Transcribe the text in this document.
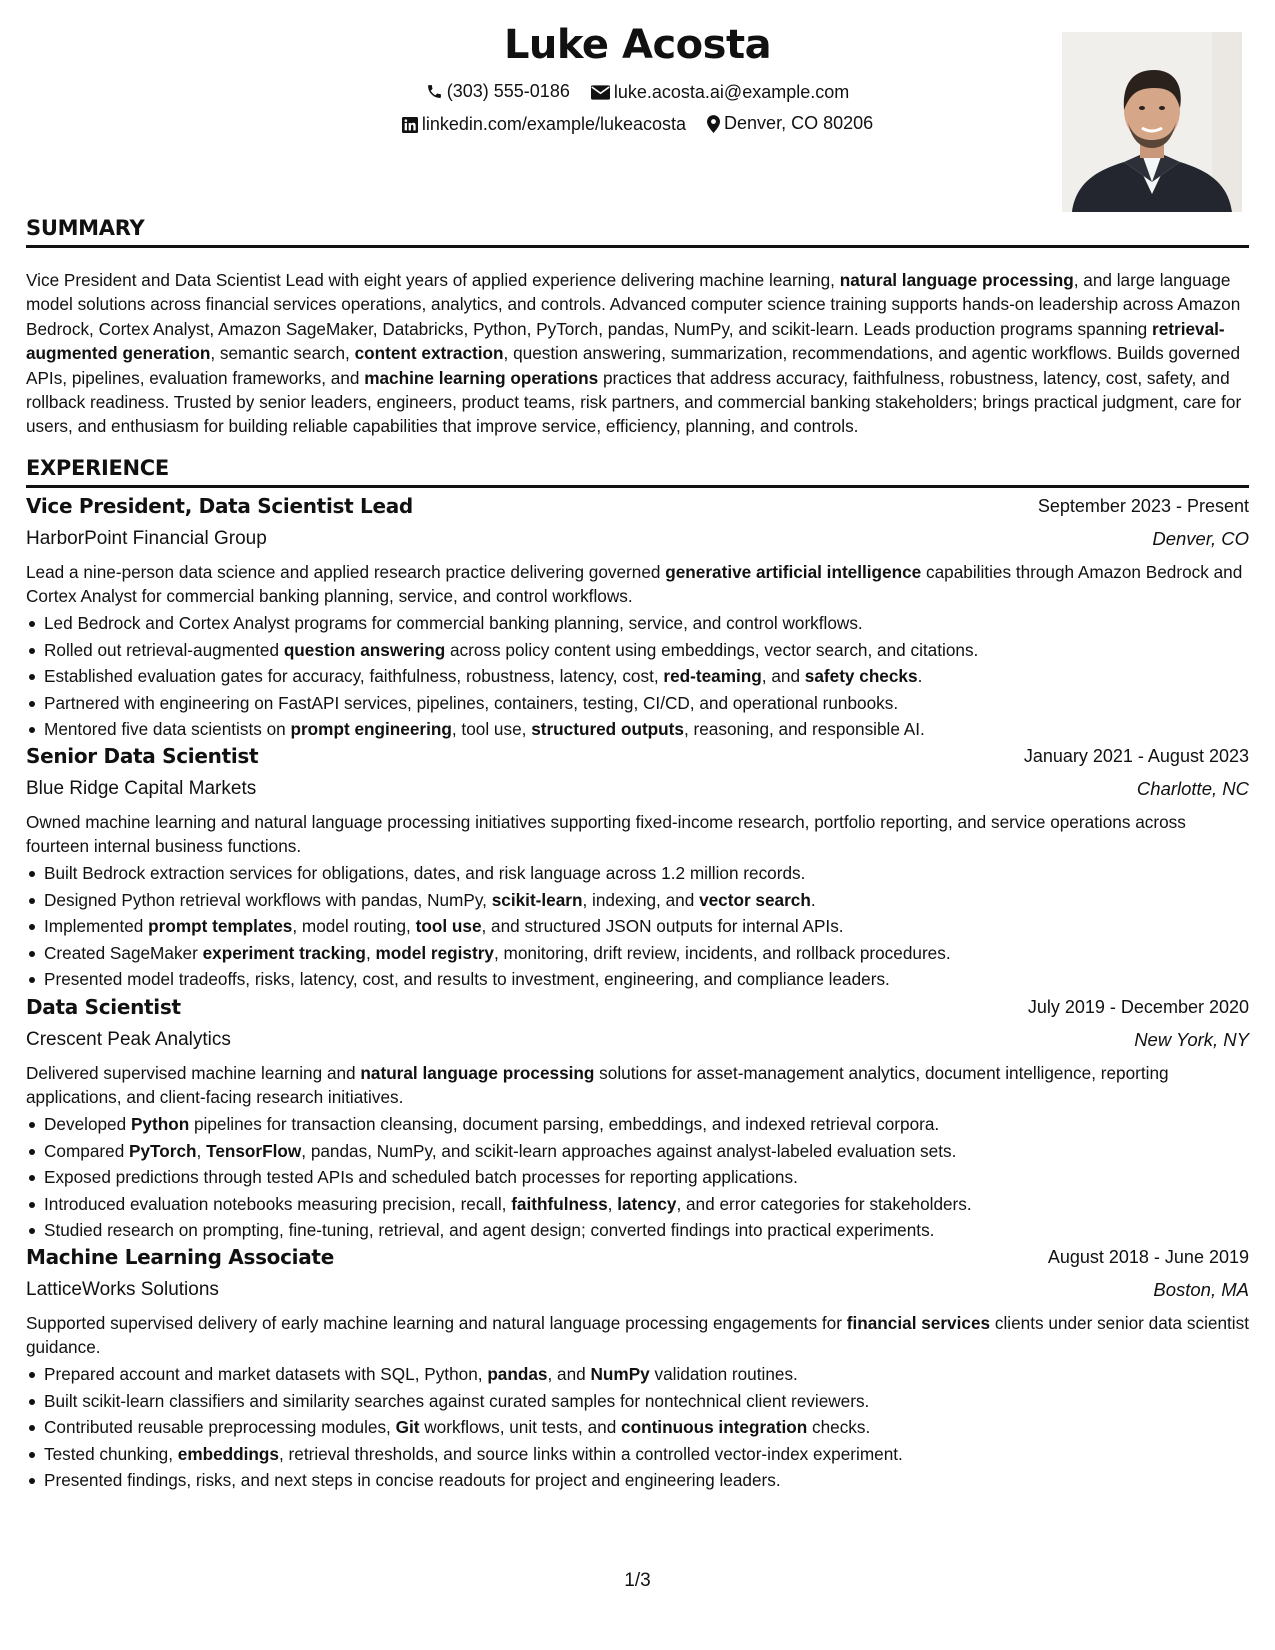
Luke Acosta
(303) 555-0186
luke.acosta.ai@example.com
linkedin.com/example/lukeacosta
Denver, CO 80206
SUMMARY
Vice President and Data Scientist Lead with eight years of applied experience delivering machine learning, natural language processing, and large language model solutions across financial services operations, analytics, and controls. Advanced computer science training supports hands-on leadership across Amazon Bedrock, Cortex Analyst, Amazon SageMaker, Databricks, Python, PyTorch, pandas, NumPy, and scikit-learn. Leads production programs spanning retrieval-augmented generation, semantic search, content extraction, question answering, summarization, recommendations, and agentic workflows. Builds governed APIs, pipelines, evaluation frameworks, and machine learning operations practices that address accuracy, faithfulness, robustness, latency, cost, safety, and rollback readiness. Trusted by senior leaders, engineers, product teams, risk partners, and commercial banking stakeholders; brings practical judgment, care for users, and enthusiasm for building reliable capabilities that improve service, efficiency, planning, and controls.
EXPERIENCE
Vice President, Data Scientist Lead	September 2023 - Present
HarborPoint Financial Group	Denver, CO
Lead a nine-person data science and applied research practice delivering governed generative artificial intelligence capabilities through Amazon Bedrock and Cortex Analyst for commercial banking planning, service, and control workflows.
Led Bedrock and Cortex Analyst programs for commercial banking planning, service, and control workflows.
Rolled out retrieval-augmented question answering across policy content using embeddings, vector search, and citations.
Established evaluation gates for accuracy, faithfulness, robustness, latency, cost, red-teaming, and safety checks.
Partnered with engineering on FastAPI services, pipelines, containers, testing, CI/CD, and operational runbooks.
Mentored five data scientists on prompt engineering, tool use, structured outputs, reasoning, and responsible AI.
Senior Data Scientist	January 2021 - August 2023
Blue Ridge Capital Markets	Charlotte, NC
Owned machine learning and natural language processing initiatives supporting fixed-income research, portfolio reporting, and service operations across fourteen internal business functions.
Built Bedrock extraction services for obligations, dates, and risk language across 1.2 million records.
Designed Python retrieval workflows with pandas, NumPy, scikit-learn, indexing, and vector search.
Implemented prompt templates, model routing, tool use, and structured JSON outputs for internal APIs.
Created SageMaker experiment tracking, model registry, monitoring, drift review, incidents, and rollback procedures.
Presented model tradeoffs, risks, latency, cost, and results to investment, engineering, and compliance leaders.
Data Scientist	July 2019 - December 2020
Crescent Peak Analytics	New York, NY
Delivered supervised machine learning and natural language processing solutions for asset-management analytics, document intelligence, reporting applications, and client-facing research initiatives.
Developed Python pipelines for transaction cleansing, document parsing, embeddings, and indexed retrieval corpora.
Compared PyTorch, TensorFlow, pandas, NumPy, and scikit-learn approaches against analyst-labeled evaluation sets.
Exposed predictions through tested APIs and scheduled batch processes for reporting applications.
Introduced evaluation notebooks measuring precision, recall, faithfulness, latency, and error categories for stakeholders.
Studied research on prompting, fine-tuning, retrieval, and agent design; converted findings into practical experiments.
Machine Learning Associate	August 2018 - June 2019
LatticeWorks Solutions	Boston, MA
Supported supervised delivery of early machine learning and natural language processing engagements for financial services clients under senior data scientist guidance.
Prepared account and market datasets with SQL, Python, pandas, and NumPy validation routines.
Built scikit-learn classifiers and similarity searches against curated samples for nontechnical client reviewers.
Contributed reusable preprocessing modules, Git workflows, unit tests, and continuous integration checks.
Tested chunking, embeddings, retrieval thresholds, and source links within a controlled vector-index experiment.
Presented findings, risks, and next steps in concise readouts for project and engineering leaders.
1/3
